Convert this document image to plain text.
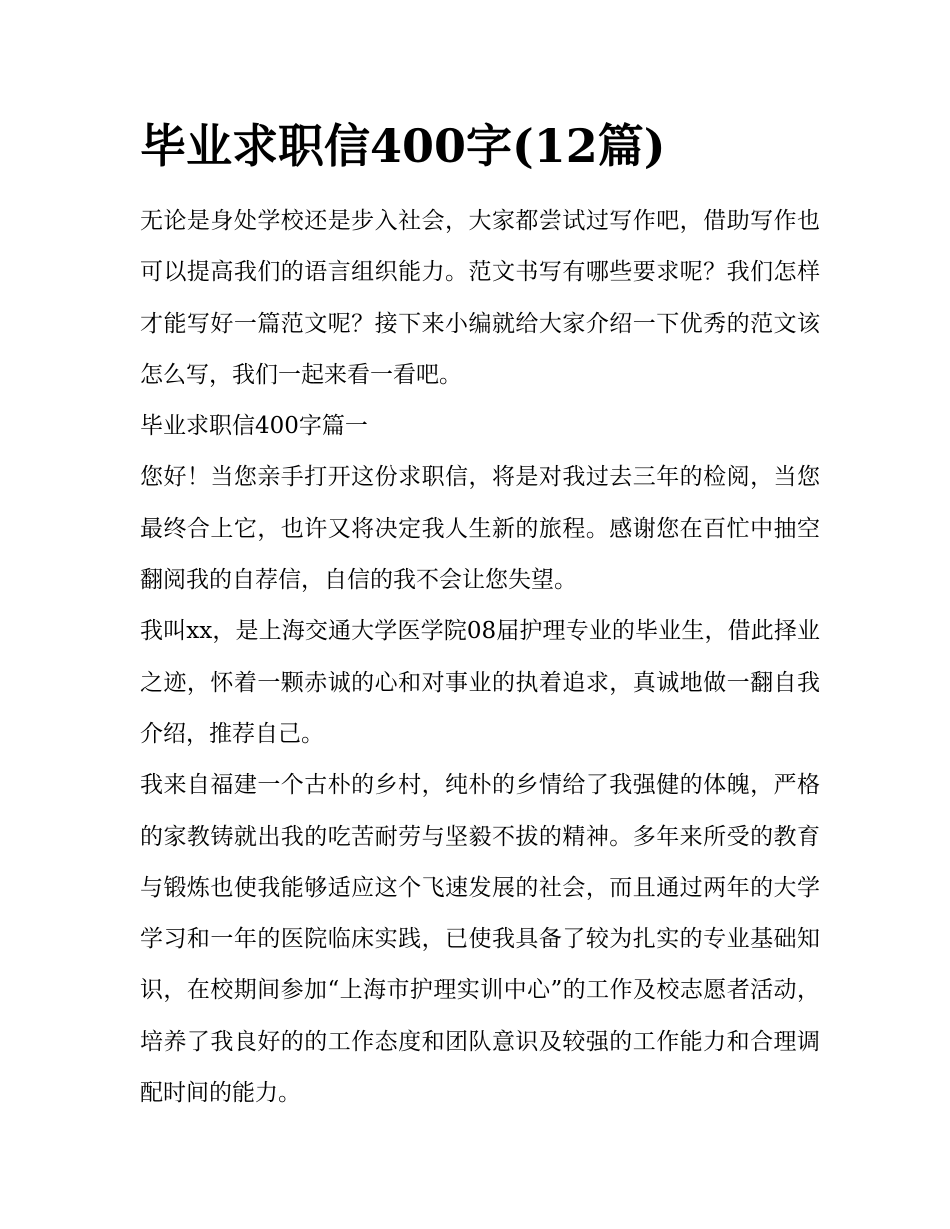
毕业求职信400字(12篇)

无论是身处学校还是步入社会，大家都尝试过写作吧，借助写作也可以提高我们的语言组织能力。范文书写有哪些要求呢？我们怎样才能写好一篇范文呢？接下来小编就给大家介绍一下优秀的范文该怎么写，我们一起来看一看吧。

毕业求职信400字篇一

您好！当您亲手打开这份求职信，将是对我过去三年的检阅，当您最终合上它，也许又将决定我人生新的旅程。感谢您在百忙中抽空翻阅我的自荐信，自信的我不会让您失望。

我叫xx，是上海交通大学医学院08届护理专业的毕业生，借此择业之迹，怀着一颗赤诚的心和对事业的执着追求，真诚地做一翻自我介绍，推荐自己。

我来自福建一个古朴的乡村，纯朴的乡情给了我强健的体魄，严格的家教铸就出我的吃苦耐劳与坚毅不拔的精神。多年来所受的教育与锻炼也使我能够适应这个飞速发展的社会，而且通过两年的大学学习和一年的医院临床实践，已使我具备了较为扎实的专业基础知识，在校期间参加“上海市护理实训中心”的工作及校志愿者活动，培养了我良好的的工作态度和团队意识及较强的工作能力和合理调配时间的能力。
